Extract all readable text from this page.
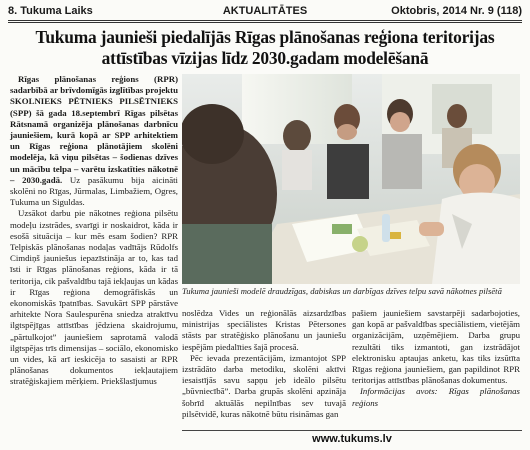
8. Tukuma Laiks	AKTUALITĀTES	Oktobris, 2014 Nr. 9 (118)
Tukuma jaunieši piedalījās Rīgas plānošanas reģiona teritorijas attīstības vīzijas līdz 2030.gadam modelēšanā

Rīgas plānošanas reģions (RPR) sadarbībā ar brīvdomīgās izglītības projektu SKOLNIEKS PĒTNIEKS PILSĒTNIEKS (SPP) šā gada 18.septembrī Rīgas pilsētas Rātsnamā organizēja plānošanas darbnīcu jauniešiem, kurā kopā ar SPP arhitektiem un Rīgas reģiona plānotājiem skolēni modelēja, kā viņu pilsētas – šodienas dzīves un mācību telpa – varētu izskatīties nākotnē – 2030.gadā. Uz pasākumu bija aicināti skolēni no Rīgas, Jūrmalas, Limbažiem, Ogres, Tukuma un Siguldas.

Uzsākot darbu pie nākotnes reģiona pilsētu modeļu izstrādes, svarīgi ir noskaidrot, kāda ir esošā situācija – kur mēs esam šodien? RPR Telpiskās plānošanas nodaļas vadītājs Rūdolfs Cimdiņš jauniešus iepazīstināja ar to, kas tad īsti ir Rīgas plānošanas reģions, kāda ir tā teritorija, cik pašvaldību tajā iekļaujas un kādas ir Rīgas reģiona demogrāfiskās un ekonomiskās īpatnības. Savukārt SPP pārstāve arhitekte Nora Saulespurēna sniedza atraktīvu ilgtspējīgas attīstības jēdziena skaidrojumu, „pārtulkojot” jauniešiem saprotamā valodā ilgtspējas trīs dimensijas – sociālo, ekonomisko un vides, kā arī ieskicēja to sasaisti ar RPR plānošanas dokumentos iekļautajiem stratēģiskajiem mērķiem. Priekšlasījumus

Tukuma jaunieši modelē draudzīgas, dabiskas un darbīgas dzīves telpu savā nākotnes pilsētā

noslēdza Vides un reģionālās aizsardzības ministrijas speciālistes Kristas Pētersones stāsts par stratēģisko plānošanu un jauniešu iespējām piedalīties šajā procesā.

Pēc ievada prezentācijām, izmantojot SPP izstrādāto darba metodiku, skolēni aktīvi iesaistījās savu sapņu jeb ideālo pilsētu „būvniecībā”. Darba grupās skolēni apzināja šobrīd aktuālās nepilnības sev tuvajā pilsētvidē, kuras nākotnē būtu risināmas gan

pašiem jauniešiem savstarpēji sadarbojoties, gan kopā ar pašvaldības speciālistiem, vietējām organizācijām, uzņēmējiem. Darba grupu rezultāti tiks izmantoti, gan izstrādājot elektronisku aptaujas anketu, kas tiks izsūtīta Rīgas reģiona jauniešiem, gan papildinot RPR teritorijas attīstības plānošanas dokumentus.

Informācijas avots: Rīgas plānošanas reģions

www.tukums.lv
